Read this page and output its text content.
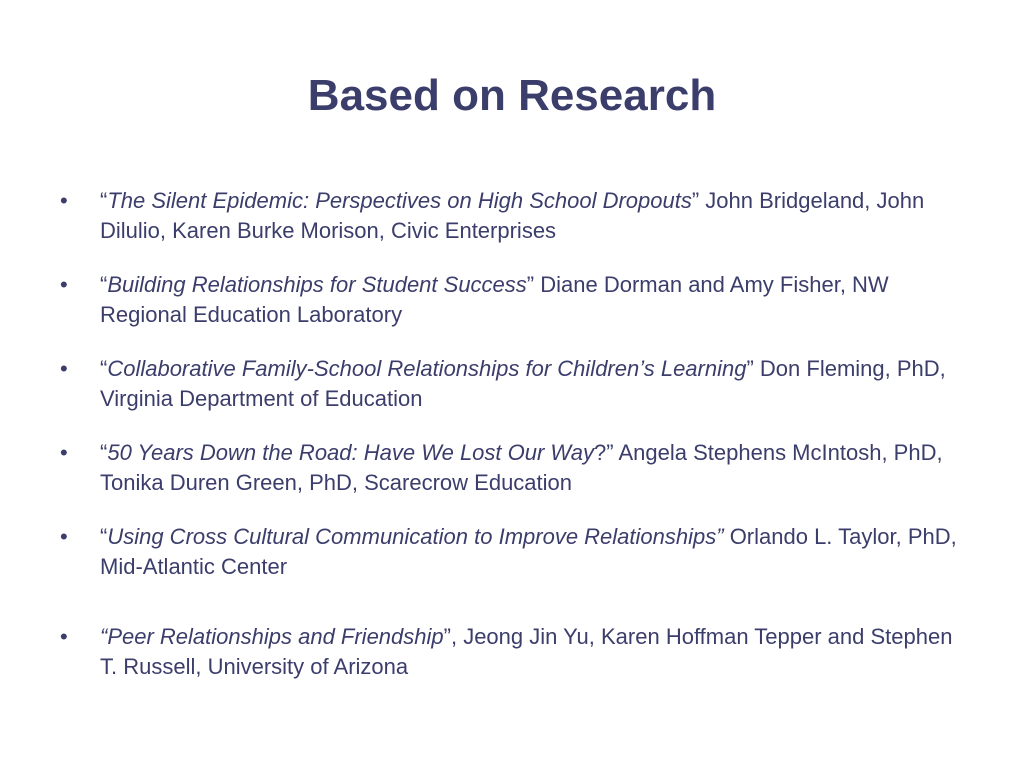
Based on Research
•	“The Silent Epidemic: Perspectives on High School Dropouts” John Bridgeland, John Dilulio, Karen Burke Morison, Civic Enterprises
•	“Building Relationships for Student Success” Diane Dorman and Amy Fisher, NW Regional Education Laboratory
•	“Collaborative Family-School Relationships for Children’s Learning” Don Fleming, PhD, Virginia Department of Education
•	“50 Years Down the Road: Have We Lost Our Way?” Angela Stephens McIntosh, PhD, Tonika Duren Green, PhD, Scarecrow Education
•	“Using Cross Cultural Communication to Improve Relationships” Orlando L. Taylor, PhD, Mid-Atlantic Center
•	“Peer Relationships and Friendship”, Jeong Jin Yu, Karen Hoffman Tepper and Stephen T. Russell, University of Arizona
